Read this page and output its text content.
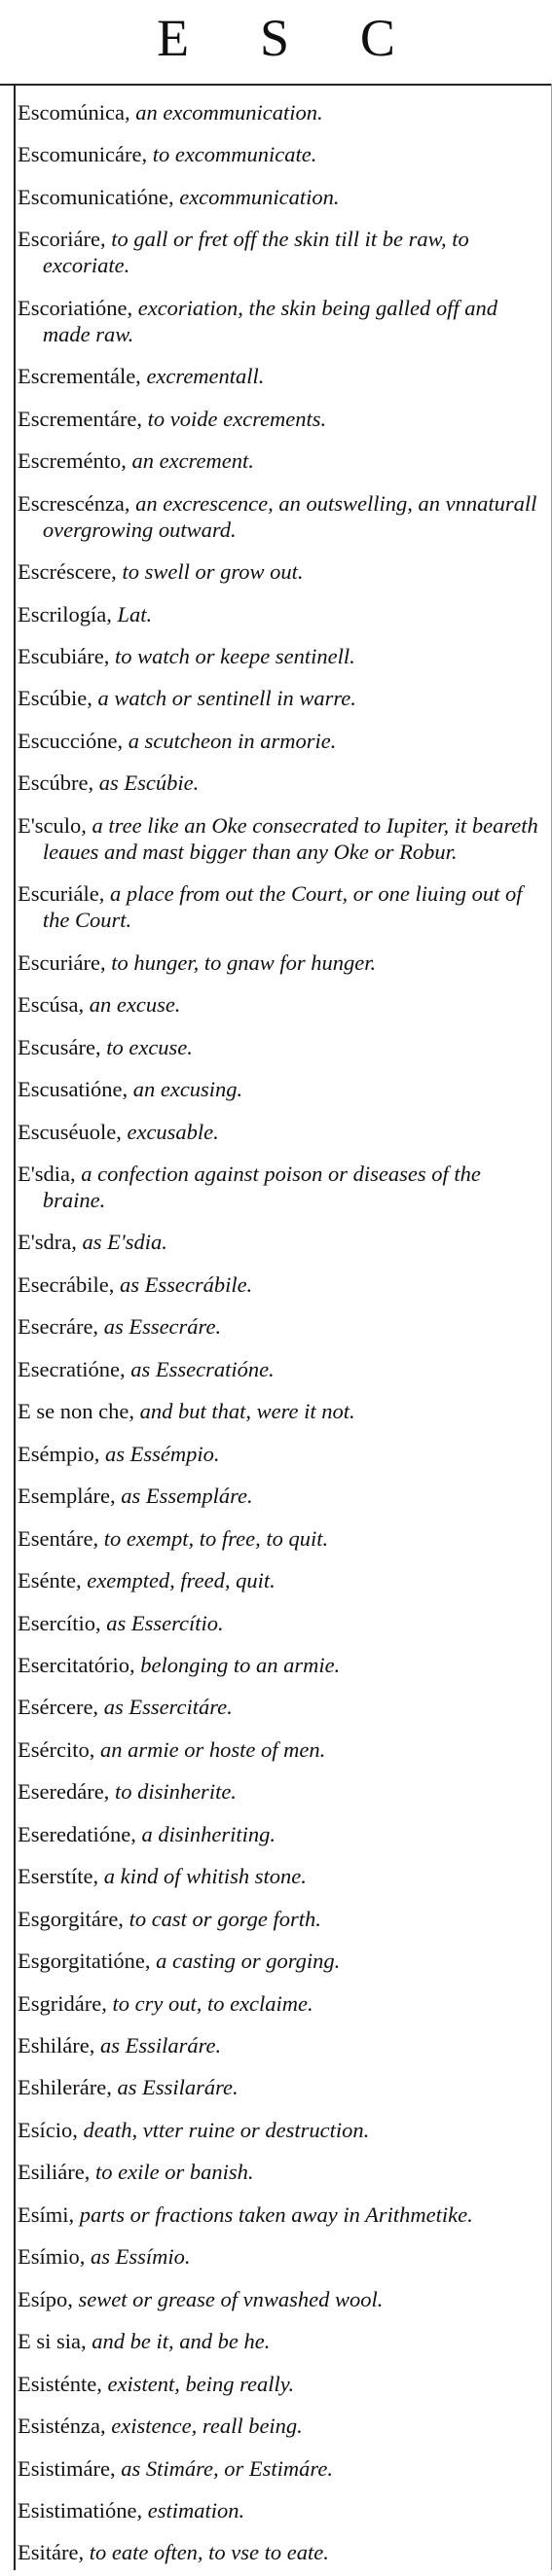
E S C

Escomúnica, an excommunication.

Escomunicáre, to excommunicate.

Escomunicatióne, excommunication.

Escoriáre, to gall or fret off the skin till it be raw, to excoriate.

Escoriatióne, excoriation, the skin being galled off and made raw.

Escrementále, excrementall.

Escrementáre, to voide excrements.

Escreménto, an excrement.

Escrescénza, an excrescence, an outswelling, an vnnaturall overgrowing outward.

Escréscere, to swell or grow out.

Escrilogía, Lat.

Escubiáre, to watch or keepe sentinell.

Escúbie, a watch or sentinell in warre.

Escuccióne, a scutcheon in armorie.

Escúbre, as Escúbie.

E'sculo, a tree like an Oke consecrated to Iupiter, it beareth leaues and mast bigger than any Oke or Robur.

Escuriále, a place from out the Court, or one liuing out of the Court.

Escuriáre, to hunger, to gnaw for hunger.

Escúsa, an excuse.

Escusáre, to excuse.

Escusatióne, an excusing.

Escuséuole, excusable.

E'sdia, a confection against poison or diseases of the braine.

E'sdra, as E'sdia.

Esecrábile, as Essecrábile.

Esecráre, as Essecráre.

Esecratióne, as Essecratióne.

E se non che, and but that, were it not.

Esémpio, as Essémpio.

Esempláre, as Essempláre.

Esentáre, to exempt, to free, to quit.

Esénte, exempted, freed, quit.

Esercítio, as Essercítio.

Esercitatório, belonging to an armie.

Esércere, as Essercitáre.

Esército, an armie or hoste of men.

Eseredáre, to disinherite.

Eseredatióne, a disinheriting.

Eserstíte, a kind of whitish stone.

Esgorgitáre, to cast or gorge forth.

Esgorgitatióne, a casting or gorging.

Esgridáre, to cry out, to exclaime.

Eshiláre, as Essilaráre.

Eshileráre, as Essilaráre.

Esício, death, vtter ruine or destruction.

Esiliáre, to exile or banish.

Esími, parts or fractions taken away in Arithmetike.

Esímio, as Essímio.

Esípo, sewet or grease of vnwashed wool.

E si sia, and be it, and be he.

Esisténte, existent, being really.

Esisténza, existence, reall being.

Esistimáre, as Stimáre, or Estimáre.

Esistimatióne, estimation.

Esitáre, to eate often, to vse to eate.
